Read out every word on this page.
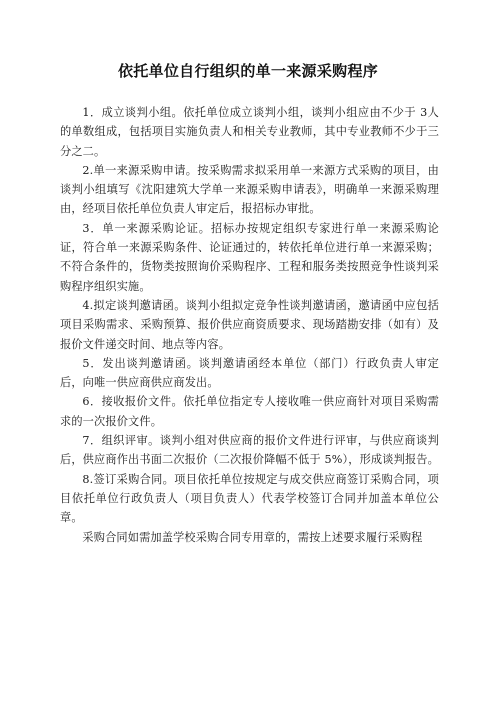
依托单位自行组织的单一来源采购程序

1．成立谈判小组。依托单位成立谈判小组，谈判小组应由不少于 3人的单数组成，包括项目实施负责人和相关专业教师，其中专业教师不少于三分之二。

2.单一来源采购申请。按采购需求拟采用单一来源方式采购的项目，由谈判小组填写《沈阳建筑大学单一来源采购申请表》，明确单一来源采购理由，经项目依托单位负责人审定后，报招标办审批。

3．单一来源采购论证。招标办按规定组织专家进行单一来源采购论证，符合单一来源采购条件、论证通过的，转依托单位进行单一来源采购；不符合条件的，货物类按照询价采购程序、工程和服务类按照竞争性谈判采购程序组织实施。

4.拟定谈判邀请函。谈判小组拟定竞争性谈判邀请函，邀请函中应包括项目采购需求、采购预算、报价供应商资质要求、现场踏勘安排（如有）及报价文件递交时间、地点等内容。

5．发出谈判邀请函。谈判邀请函经本单位（部门）行政负责人审定后，向唯一供应商供应商发出。

6．接收报价文件。依托单位指定专人接收唯一供应商针对项目采购需求的一次报价文件。

7．组织评审。谈判小组对供应商的报价文件进行评审，与供应商谈判后，供应商作出书面二次报价（二次报价降幅不低于 5%），形成谈判报告。

8.签订采购合同。项目依托单位按规定与成交供应商签订采购合同，项目依托单位行政负责人（项目负责人）代表学校签订合同并加盖本单位公章。

采购合同如需加盖学校采购合同专用章的，需按上述要求履行采购程
